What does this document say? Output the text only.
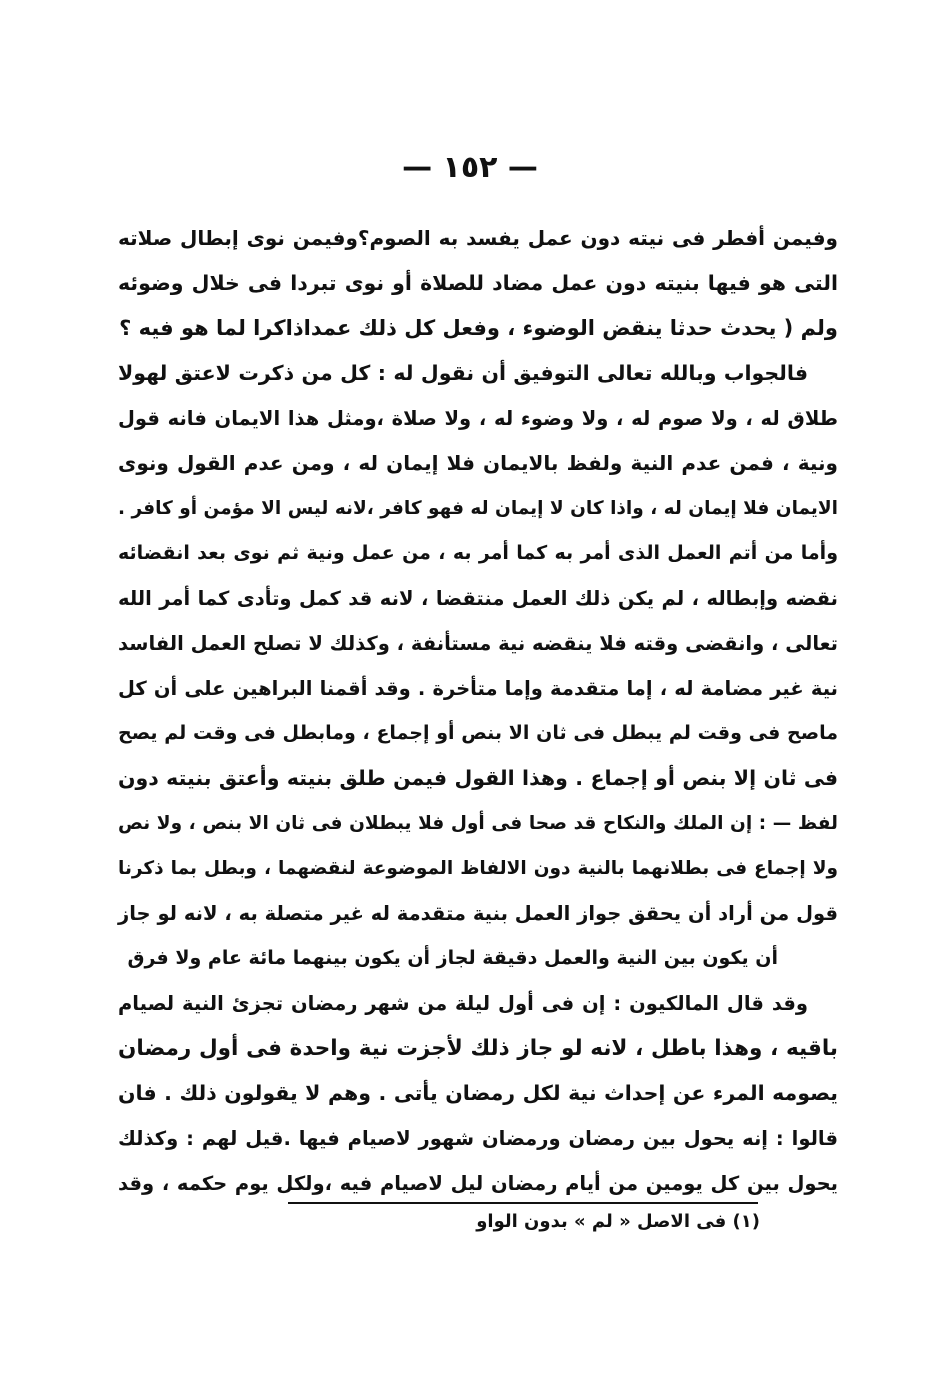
— ١٥٢ —
وفيمن أفطر فى نيته دون عمل يفسد به الصوم؟وفيمن نوى إبطال صلاته
التى هو فيها بنيته دون عمل مضاد للصلاة أو نوى تبردا فى خلال وضوئه
ولم ( يحدث حدثا ينقض الوضوء ، وفعل كل ذلك عمداذاكرا لما هو فيه ؟
فالجواب وبالله تعالى التوفيق أن نقول له : كل من ذكرت لاعتق لهولا
طلاق له ، ولا صوم له ، ولا وضوء له ، ولا صلاة ،ومثل هذا الايمان فانه قول
ونية ، فمن عدم النية ولفظ بالايمان فلا إيمان له ، ومن عدم القول ونوى
الايمان فلا إيمان له ، واذا كان لا إيمان له فهو كافر ،لانه ليس الا مؤمن أو كافر .
وأما من أتم العمل الذى أمر به كما أمر به ، من عمل ونية ثم نوى بعد انقضائه
نقضه وإبطاله ، لم يكن ذلك العمل منتقضا ، لانه قد كمل وتأدى كما أمر الله
تعالى ، وانقضى وقته فلا ينقضه نية مستأنفة ، وكذلك لا تصلح العمل الفاسد
نية غير مضامة له ، إما متقدمة وإما متأخرة . وقد أقمنا البراهين على أن كل
ماصح فى وقت لم يبطل فى ثان الا بنص أو إجماع ، ومابطل فى وقت لم يصح
فى ثان إلا بنص أو إجماع . وهذا القول فيمن طلق بنيته وأعتق بنيته دون
لفظ — : إن الملك والنكاح قد صحا فى أول فلا يبطلان فى ثان الا بنص ، ولا نص
ولا إجماع فى بطلانهما بالنية دون الالفاظ الموضوعة لنقضهما ، وبطل بما ذكرنا
قول من أراد أن يحقق جواز العمل بنية متقدمة له غير متصلة به ، لانه لو جاز
أن يكون بين النية والعمل دقيقة لجاز أن يكون بينهما مائة عام ولا فرق
وقد قال المالكيون : إن فى أول ليلة من شهر رمضان تجزئ النية لصيام
باقيه ، وهذا باطل ، لانه لو جاز ذلك لأجزت نية واحدة فى أول رمضان
يصومه المرء عن إحداث نية لكل رمضان يأتى . وهم لا يقولون ذلك . فان
قالوا : إنه يحول بين رمضان ورمضان شهور لاصيام فيها .قيل لهم : وكذلك
يحول بين كل يومين من أيام رمضان ليل لاصيام فيه ،ولكل يوم حكمه ، وقد
(١) فى الاصل « لم » بدون الواو
